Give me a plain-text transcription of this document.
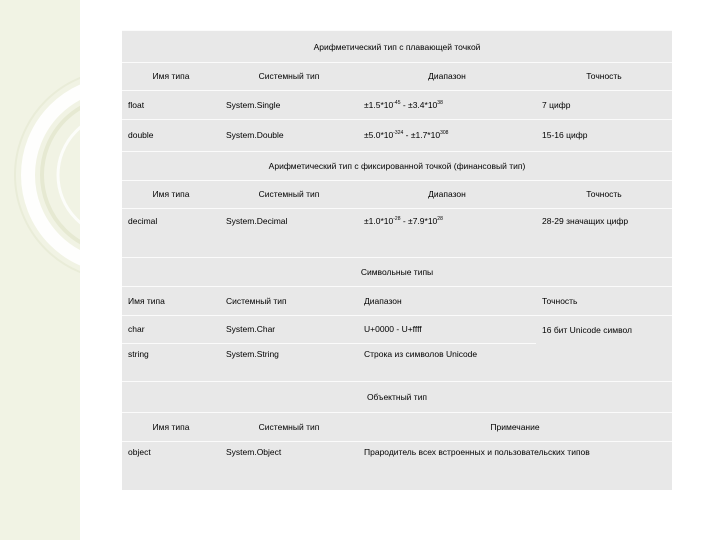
Арифметический тип с плавающей точкой			
Имя типа	Системный тип	Диапазон	Точность
float	System.Single	$\pm 1.5*10^{-45} - \pm 3.4*10^{38}$	7 цифр
double	System.Double	$\pm 5.0*10^{-324} - \pm 1.7*10^{308}$	15-16 цифр
Арифметический тип с фиксированной точкой (финансовый тип)			
Имя типа	Системный тип	Диапазон	Точность
decimal	System.Decimal	$\pm 1.0*10^{-28} - \pm 7.9*10^{28}$	28-29 значащих цифр
Символьные типы			
Имя типа	Системный тип	Диапазон	Точность
char	System.Char	U+0000 - U+ffff	16 бит Unicode символ
string	System.String	Строка из символов Unicode	
Объектный тип			
Имя типа	Системный тип	Примечание	
object	System.Object	Прародитель всех встроенных и пользовательских типов	
